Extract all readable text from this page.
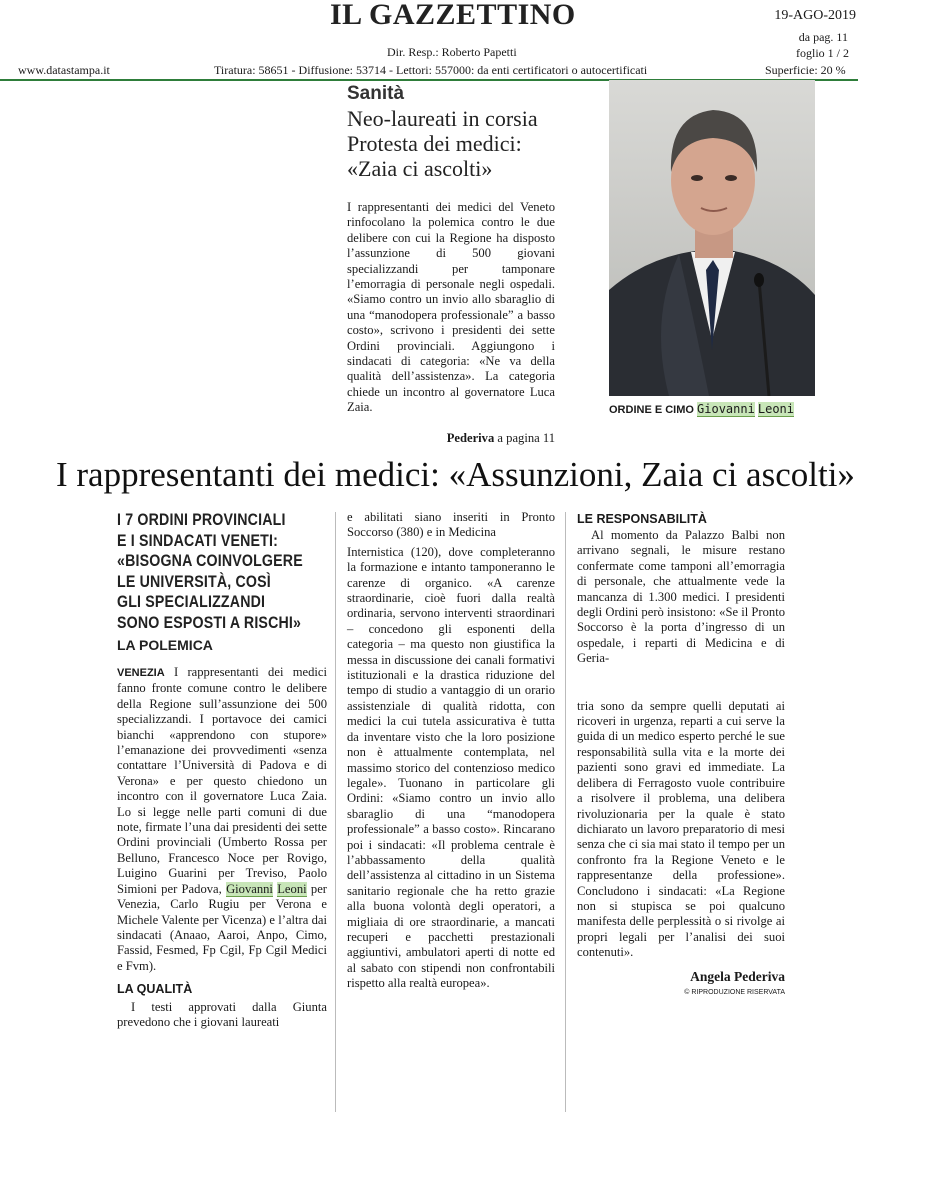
IL GAZZETTINO	19-AGO-2019
da pag. 11
foglio 1 / 2
Dir. Resp.: Roberto Papetti
www.datastampa.it	Tiratura: 58651 - Diffusione: 53714 - Lettori: 557000: da enti certificatori o autocertificati	Superficie: 20 %
Sanità
Neo-laureati in corsia
Protesta dei medici:
«Zaia ci ascolti»
I rappresentanti dei medici del Veneto rinfocolano la polemica contro le due delibere con cui la Regione ha disposto l’assunzione di 500 giovani specializzandi per tamponare l’emorragia di personale negli ospedali. «Siamo contro un invio allo sbaraglio di una “manodopera professionale” a basso costo», scrivono i presidenti dei sette Ordini provinciali. Aggiungono i sindacati di categoria: «Ne va della qualità dell’assistenza». La categoria chiede un incontro al governatore Luca Zaia.
Pederiva a pagina 11
ORDINE E CIMO Giovanni Leoni
I rappresentanti dei medici: «Assunzioni, Zaia ci ascolti»
I 7 ORDINI PROVINCIALI
E I SINDACATI VENETI:
«BISOGNA COINVOLGERE
LE UNIVERSITÀ, COSÌ
GLI SPECIALIZZANDI
SONO ESPOSTI A RISCHI»
LA POLEMICA

VENEZIA I rappresentanti dei medici fanno fronte comune contro le delibere della Regione sull’assunzione dei 500 specializzandi. I portavoce dei camici bianchi «apprendono con stupore» l’emanazione dei provvedimenti «senza contattare l’Università di Padova e di Verona» e per questo chiedono un incontro con il governatore Luca Zaia. Lo si legge nelle parti comuni di due note, firmate l’una dai presidenti dei sette Ordini provinciali (Umberto Rossa per Belluno, Francesco Noce per Rovigo, Luigino Guarini per Treviso, Paolo Simioni per Padova, Giovanni Leoni per Venezia, Carlo Rugiu per Verona e Michele Valente per Vicenza) e l’altra dai sindacati (Anaao, Aaroi, Anpo, Cimo, Fassid, Fesmed, Fp Cgil, Fp Cgil Medici e Fvm).

LA QUALITÀ

I testi approvati dalla Giunta prevedono che i giovani laureati

e abilitati siano inseriti in Pronto Soccorso (380) e in Medicina

Internistica (120), dove completeranno la formazione e intanto tamponeranno le carenze di organico. «A carenze straordinarie, cioè fuori dalla realtà ordinaria, servono interventi straordinari – concedono gli esponenti della categoria – ma questo non giustifica la messa in discussione dei canali formativi istituzionali e la drastica riduzione del tempo di studio a vantaggio di un orario assistenziale di qualità ridotta, con medici la cui tutela assicurativa è tutta da inventare visto che la loro posizione non è attualmente contemplata, nel massimo storico del contenzioso medico legale». Tuonano in particolare gli Ordini: «Siamo contro un invio allo sbaraglio di una “manodopera professionale” a basso costo». Rincarano poi i sindacati: «Il problema centrale è l’abbassamento della qualità dell’assistenza al cittadino in un Sistema sanitario regionale che ha retto grazie alla buona volontà degli operatori, a migliaia di ore straordinarie, a mancati recuperi e pacchetti prestazionali aggiuntivi, ambulatori aperti di notte ed al sabato con stipendi non confrontabili rispetto alla realtà europea».

LE RESPONSABILITÀ

Al momento da Palazzo Balbi non arrivano segnali, le misure restano confermate come tamponi all’emorragia di personale, che attualmente vede la mancanza di 1.300 medici. I presidenti degli Ordini però insistono: «Se il Pronto Soccorso è la porta d’ingresso di un ospedale, i reparti di Medicina e di Geria-

tria sono da sempre quelli deputati ai ricoveri in urgenza, reparti a cui serve la guida di un medico esperto perché le sue responsabilità sulla vita e la morte dei pazienti sono gravi ed immediate. La delibera di Ferragosto vuole contribuire a risolvere il problema, una delibera rivoluzionaria per la quale è stato dichiarato un lavoro preparatorio di mesi senza che ci sia mai stato il tempo per un confronto fra la Regione Veneto e le rappresentanze della professione». Concludono i sindacati: «La Regione non si stupisca se poi qualcuno manifesta delle perplessità o si rivolge ai propri legali per l’analisi dei suoi contenuti».

Angela Pederiva
© RIPRODUZIONE RISERVATA
